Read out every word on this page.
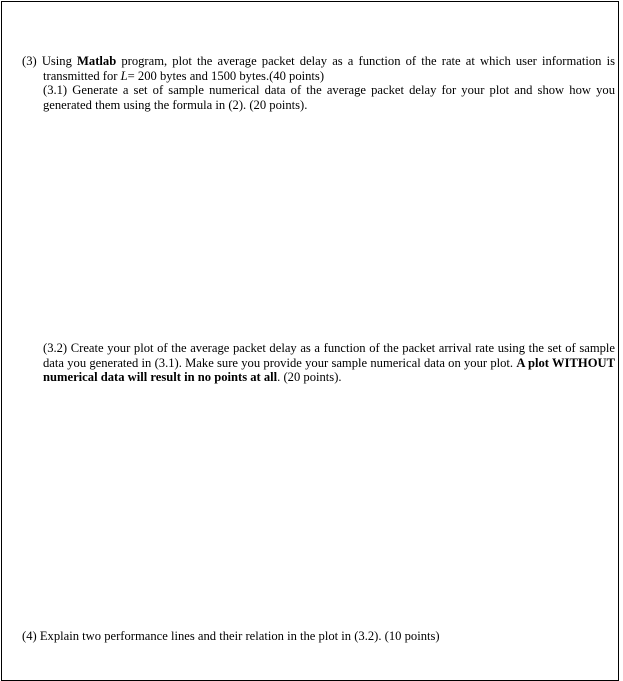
(3) Using Matlab program, plot the average packet delay as a function of the rate at which user information is
transmitted for L= 200 bytes and 1500 bytes.(40 points)
(3.1) Generate a set of sample numerical data of the average packet delay for your plot and show how you generated them using the formula in (2). (20 points).
(3.2) Create your plot of the average packet delay as a function of the packet arrival rate using the set of sample data you generated in (3.1). Make sure you provide your sample numerical data on your plot. A plot WITHOUT numerical data will result in no points at all. (20 points).
(4) Explain two performance lines and their relation in the plot in (3.2). (10 points)
